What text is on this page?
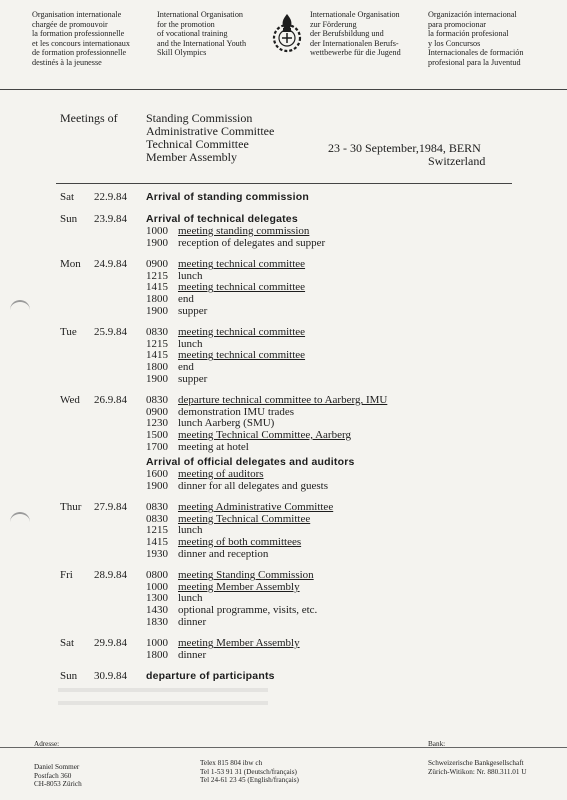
Organisation internationale
chargée de promouvoir
la formation professionnelle
et les concours internationaux
de formation professionnelle
destinés à la jeunesse
International Organisation
for the promotion
of vocational training
and the International Youth
Skill Olympics
Internationale Organisation
zur Förderung
der Berufsbildung und
der Internationalen Berufs-
wettbewerbe für die Jugend
Organización internacional
para promocionar
la formación profesional
y los Concursos
Internacionales de formación
profesional para la Juventud
Meetings of Standing Commission
Administrative Committee
Technical Committee
Member Assembly
23 - 30 September,1984, BERN
Switzerland
Sat	22.9.84 Arrival of standing commission
Sun	23.9.84 Arrival of technical delegates
1000 meeting standing commission
1900 reception of delegates and supper
Mon	24.9.84 0900 meeting technical committee
1215 lunch
1415 meeting technical committee
1800 end
1900 supper
Tue	25.9.84 0830 meeting technical committee
1215 lunch
1415 meeting technical committee
1800 end
1900 supper
Wed	26.9.84 0830 departure technical committee to Aarberg, IMU
0900 demonstration IMU trades
1230 lunch Aarberg (SMU)
1500 meeting Technical Committee, Aarberg
1700 meeting at hotel
Arrival of official delegates and auditors
1600 meeting of auditors
1900 dinner for all delegates and guests
Thur	27.9.84 0830 meeting Administrative Committee
0830 meeting Technical Committee
1215 lunch
1415 meeting of both committees
1930 dinner and reception
Fri	28.9.84 0800 meeting Standing Commission
1000 meeting Member Assembly
1300 lunch
1430 optional programme, visits, etc.
1830 dinner
Sat	29.9.84 1000 meeting Member Assembly
1800 dinner
Sun	30.9.84 departure of participants
Adresse:
Daniel Sommer
Postfach 360
CH-8053 Zürich
Telex 815 804 ibw ch
Tel 1-53 91 31 (Deutsch/français)
Tel 24-61 23 45 (English/français)
Bank:
Schweizerische Bankgesellschaft
Zürich-Witikon: Nr. 880.311.01 U
